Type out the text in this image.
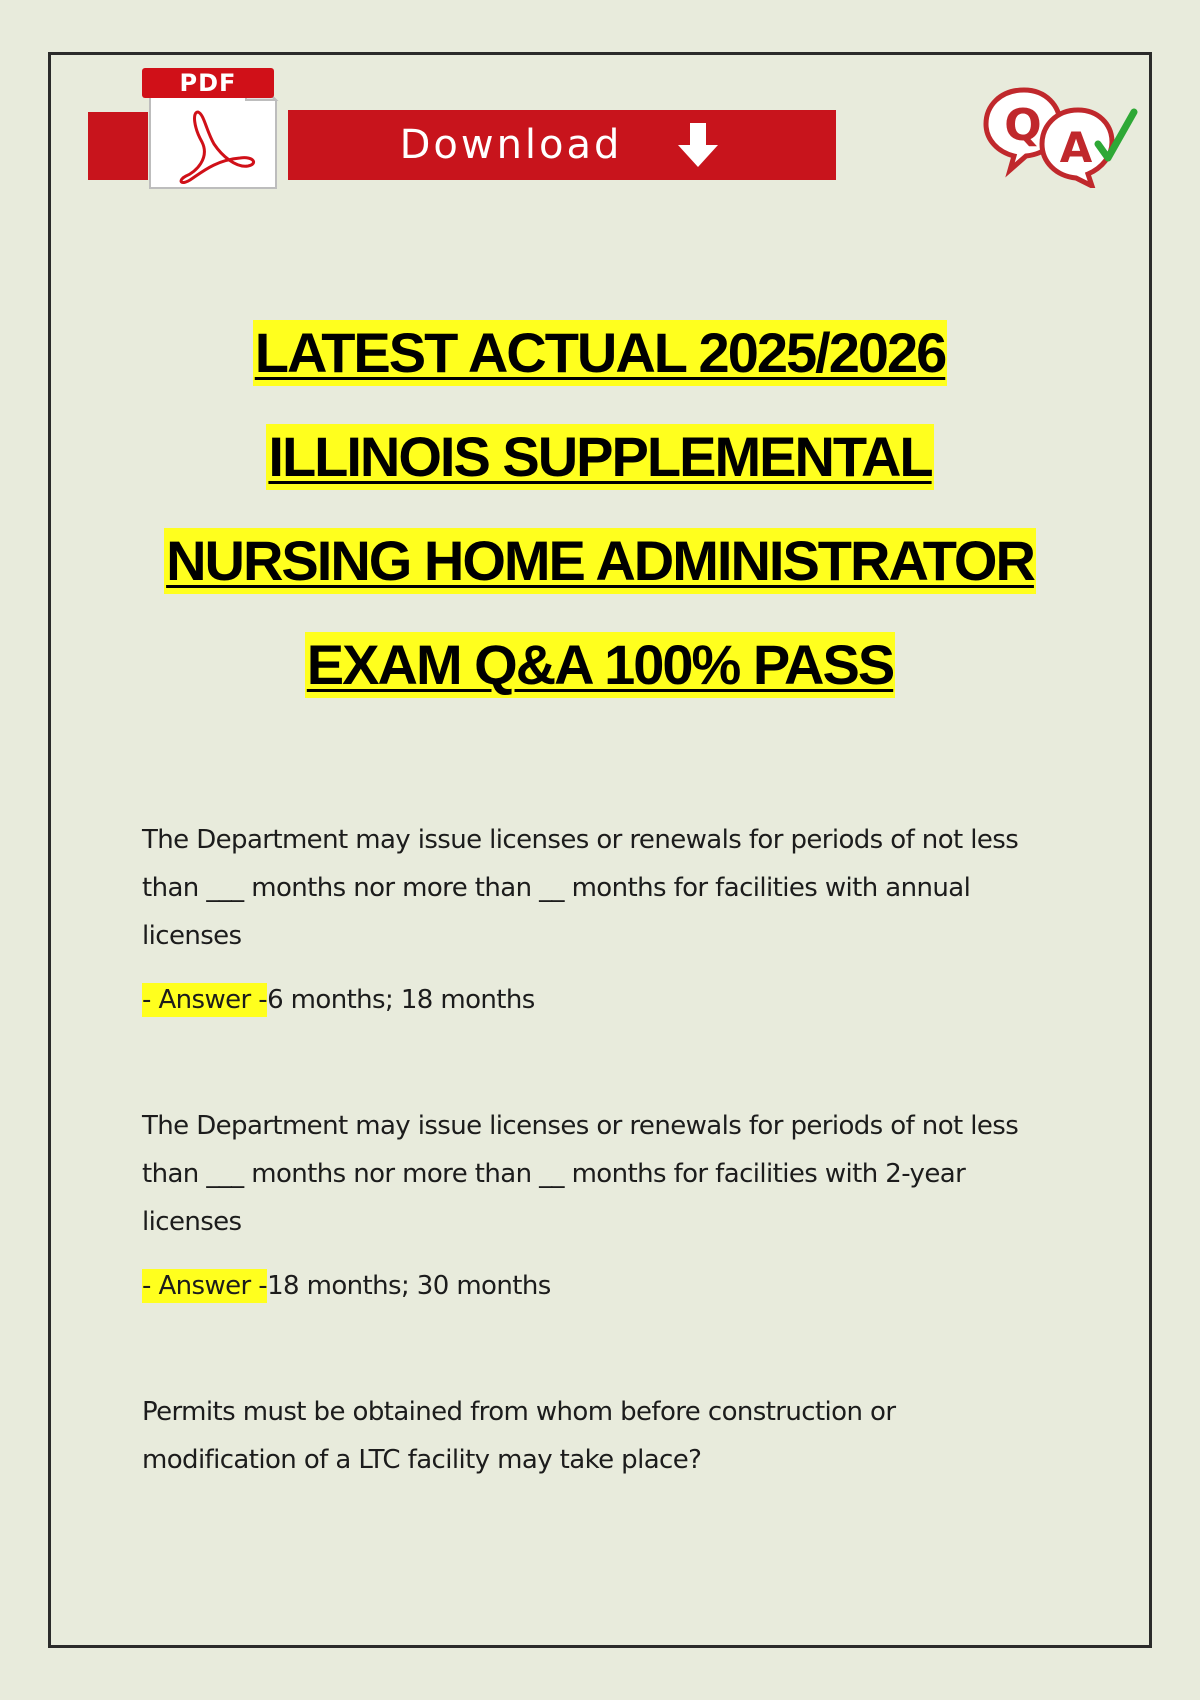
Download
PDF
Q A
LATEST ACTUAL 2025/2026
ILLINOIS SUPPLEMENTAL
NURSING HOME ADMINISTRATOR
EXAM Q&A 100% PASS
The Department may issue licenses or renewals for periods of not less
than ___ months nor more than __ months for facilities with annual
licenses
- Answer -6 months; 18 months
The Department may issue licenses or renewals for periods of not less
than ___ months nor more than __ months for facilities with 2-year
licenses
- Answer -18 months; 30 months
Permits must be obtained from whom before construction or
modification of a LTC facility may take place?
